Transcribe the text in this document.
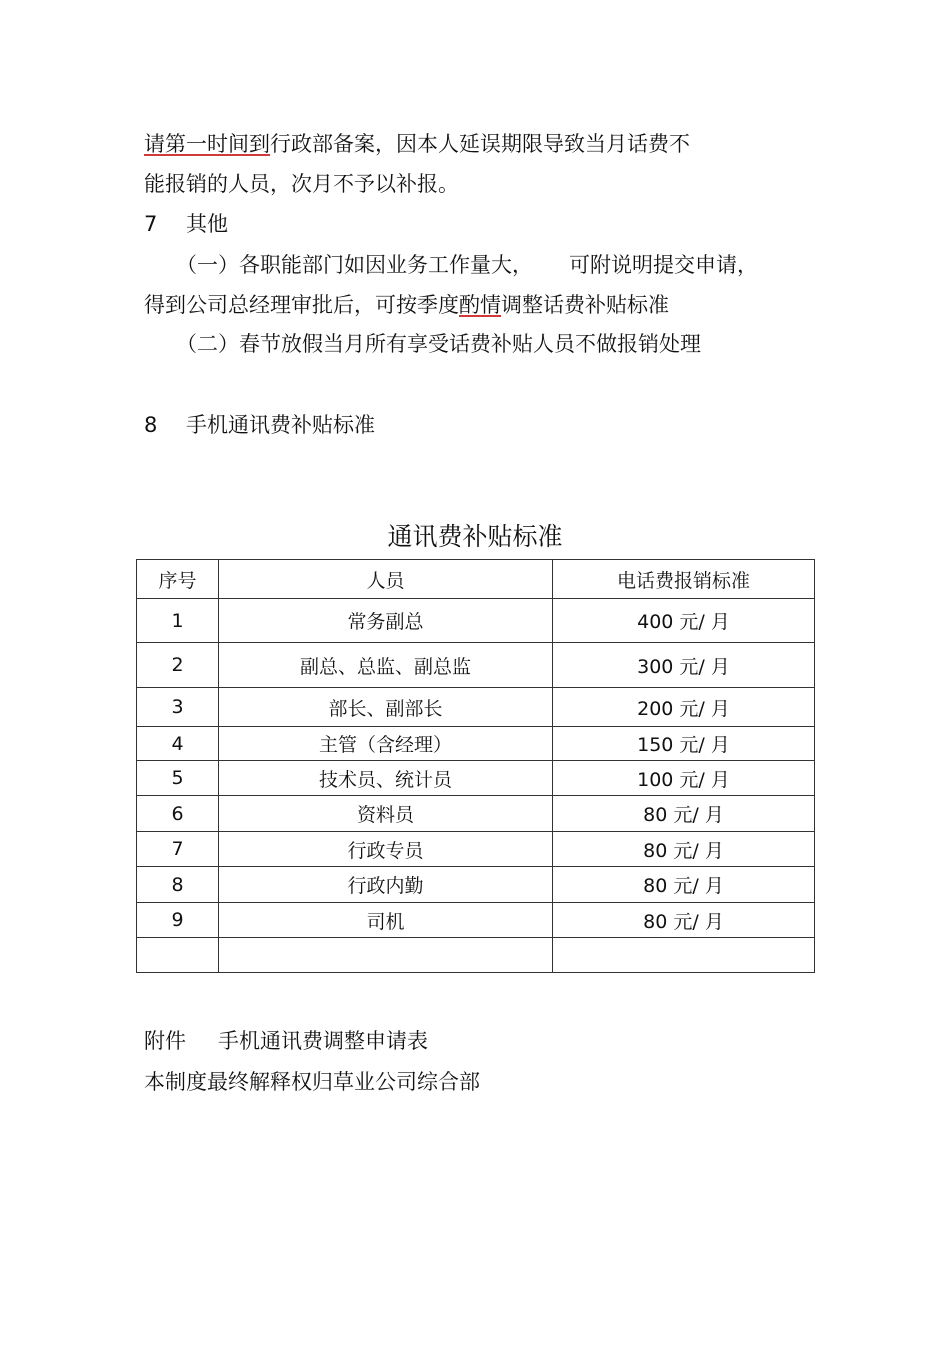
请第一时间到行政部备案，因本人延误期限导致当月话费不
能报销的人员，次月不予以补报。
7 其他
（一）各职能部门如因业务工作量大， 可附说明提交申请，
得到公司总经理审批后，可按季度酌情调整话费补贴标准
（二）春节放假当月所有享受话费补贴人员不做报销处理
8 手机通讯费补贴标准
通讯费补贴标准
序号	人员	电话费报销标准
1	常务副总	400 元/ 月
2	副总、总监、副总监	300 元/ 月
3	部长、副部长	200 元/ 月
4	主管（含经理）	150 元/ 月
5	技术员、统计员	100 元/ 月
6	资料员	80 元/ 月
7	行政专员	80 元/ 月
8	行政内勤	80 元/ 月
9	司机	80 元/ 月

附件 手机通讯费调整申请表
本制度最终解释权归草业公司综合部
